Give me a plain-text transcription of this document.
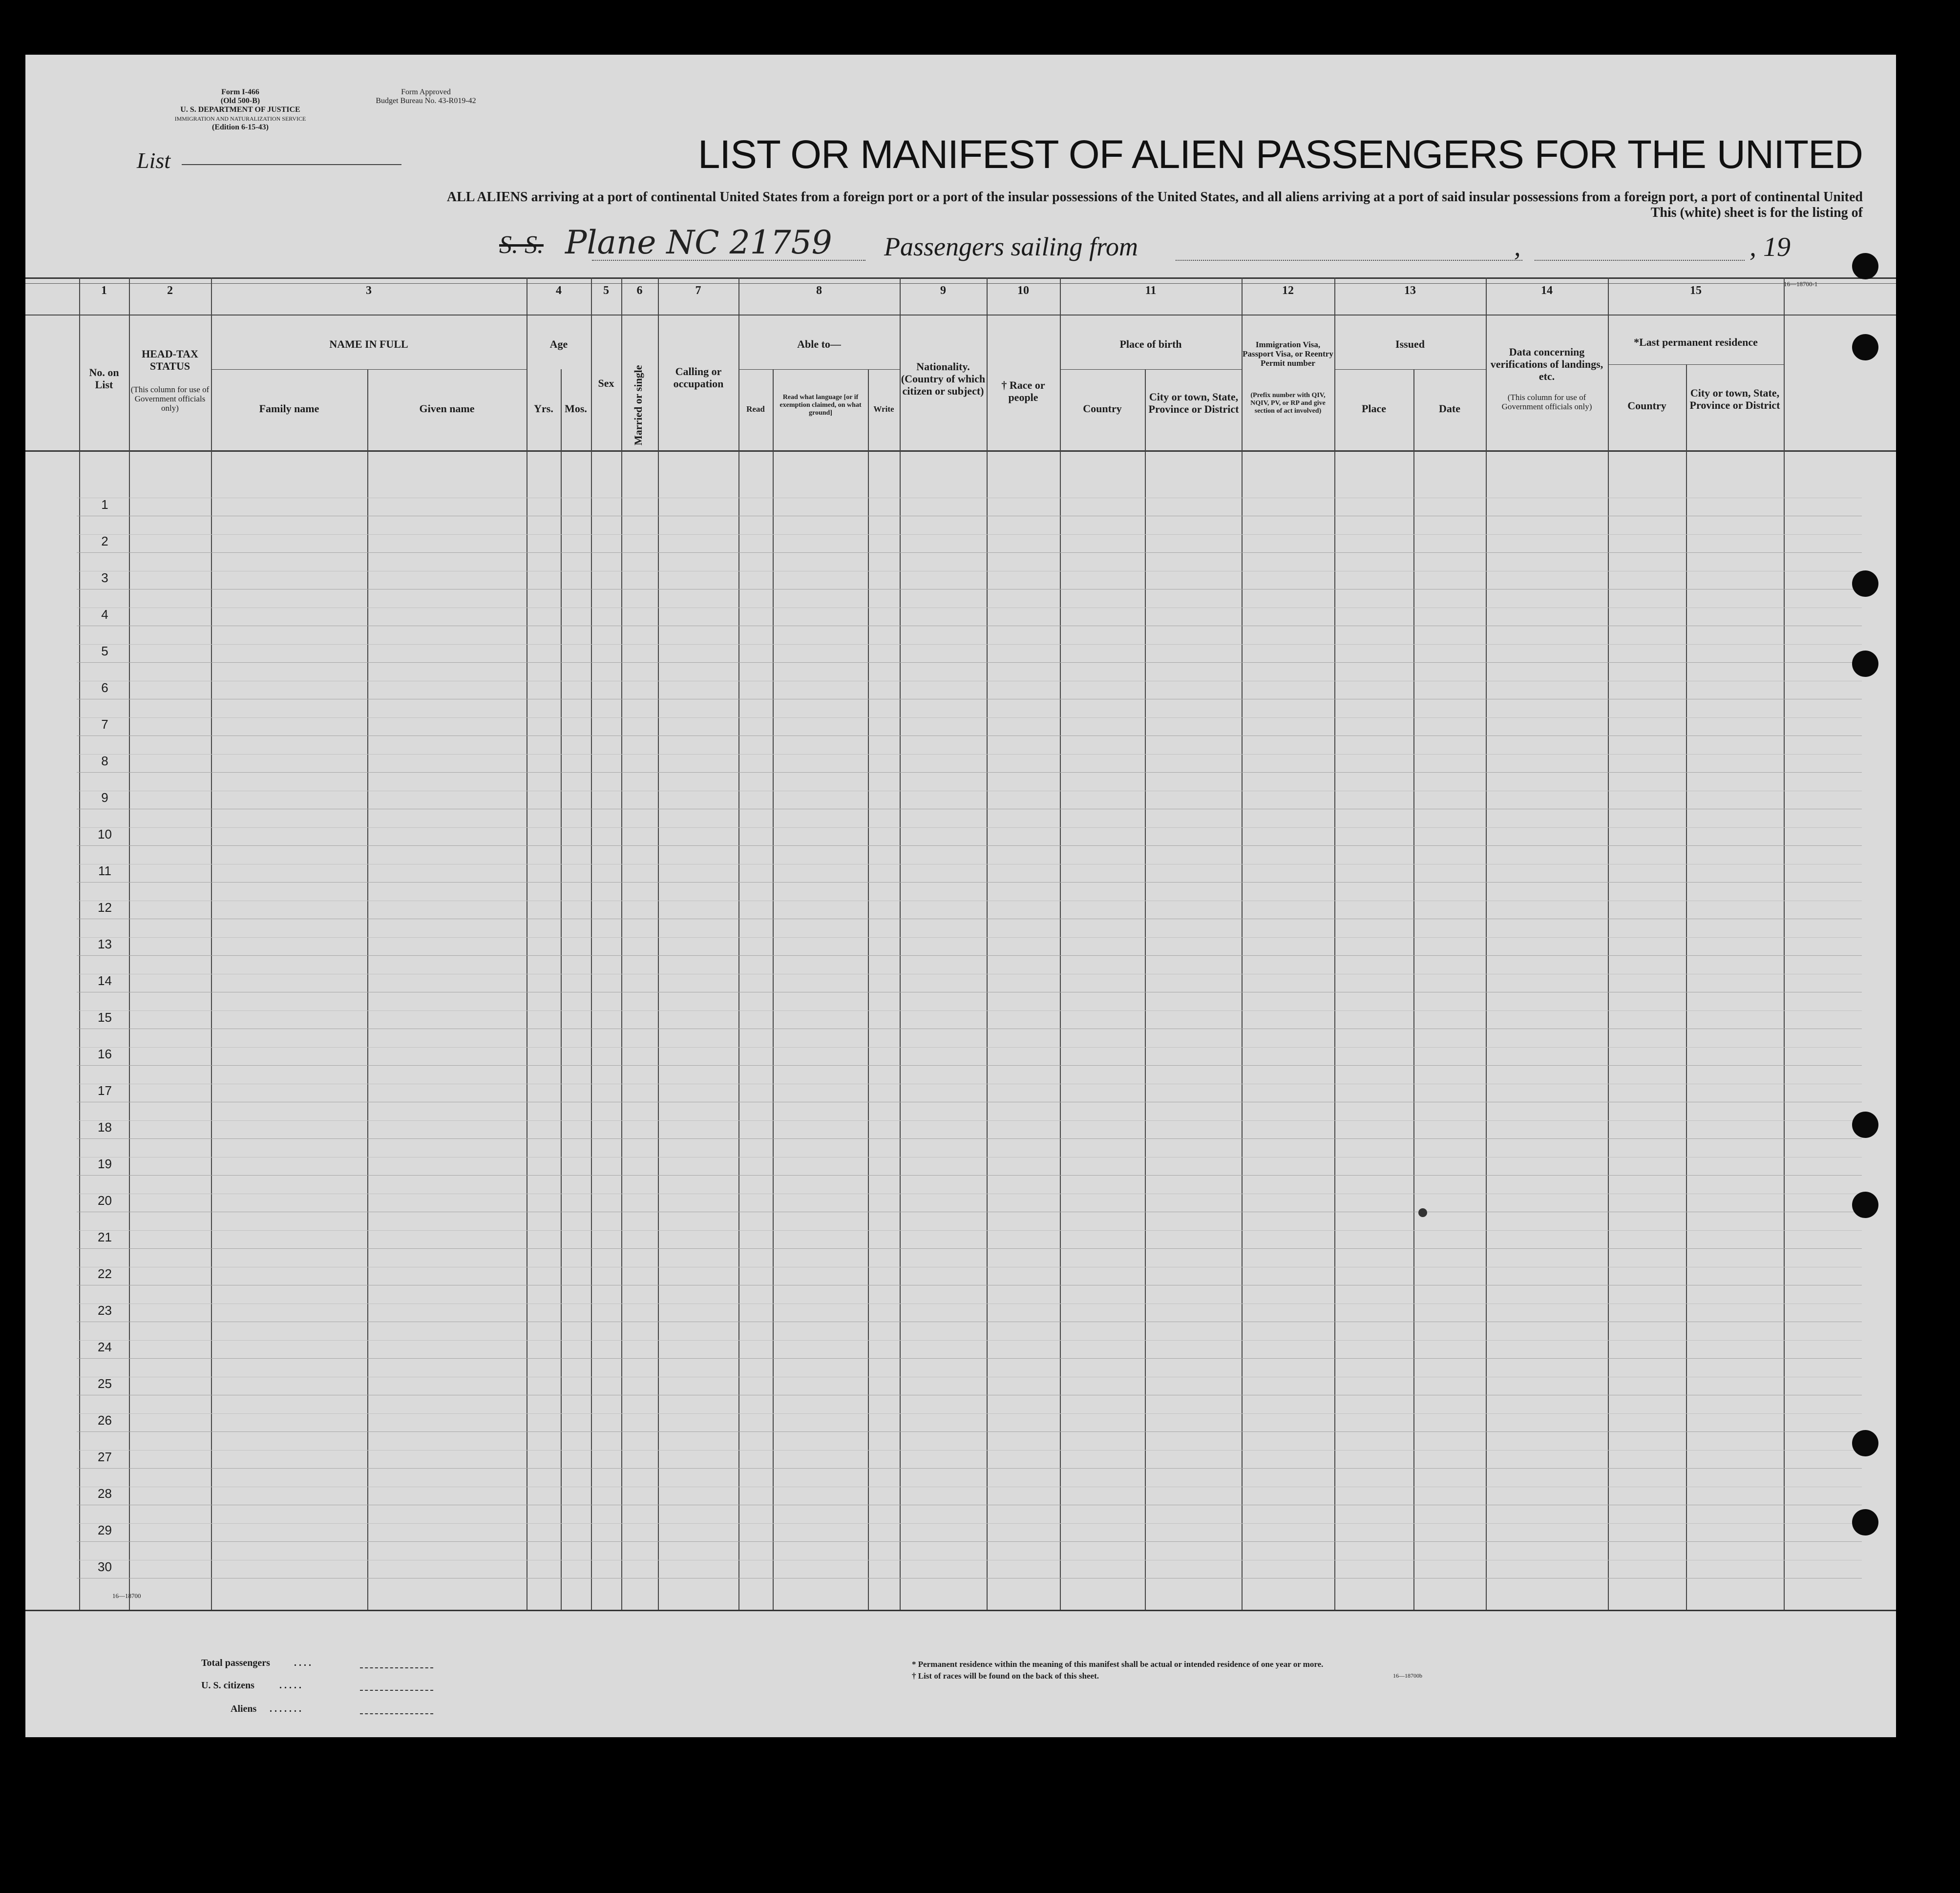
Form I-466
(Old 500-B)
U. S. DEPARTMENT OF JUSTICE
IMMIGRATION AND NATURALIZATION SERVICE
(Edition 6-15-43)
Form Approved
Budget Bureau No. 43-R019-42
List	LIST OR MANIFEST OF ALIEN PASSENGERS FOR THE UNITED
ALL ALIENS arriving at a port of continental United States from a foreign port or a port of the insular possessions of the United States, and all aliens arriving at a port of said insular possessions from a foreign port, a port of continental United
This (white) sheet is for the listing of
S. S. Plane NC 21759 Passengers sailing from	,	, 19
16—18700-1
1	2	3	4	5	6	7	8	9	10	11	12	13	14	15
No. on List
HEAD-TAX STATUS
(This column for use of Government officials only)
NAME IN FULL
Family name	Given name
Age
Yrs.	Mos.
Sex	Married or single	Calling or occupation
Able to—
Read
Read what language [or if exemption claimed, on what ground]	Write
Nationality. (Country of which citizen or subject)	† Race or people
Place of birth
Country
City or town, State, Province or District
Immigration Visa, Passport Visa, or Reentry Permit number
(Prefix number with QIV, NQIV, PV, or RP and give section of act involved)
Issued
Place	Date
Data concerning verifications of landings, etc.
(This column for use of Government officials only)
*Last permanent residence
Country
City or town, State, Province or District
1
2
3
4
5
6
7
8
9
10
11
12
13
14
15
16
17
18
19
20
21
22
23
24
25
26
27
28
29
30
16—18700
Total passengers . . . .
U. S. citizens	. . . . .
Aliens . . . . . . .
* Permanent residence within the meaning of this manifest shall be actual or intended residence of one year or more.
† List of races will be found on the back of this sheet.	16—18700b
